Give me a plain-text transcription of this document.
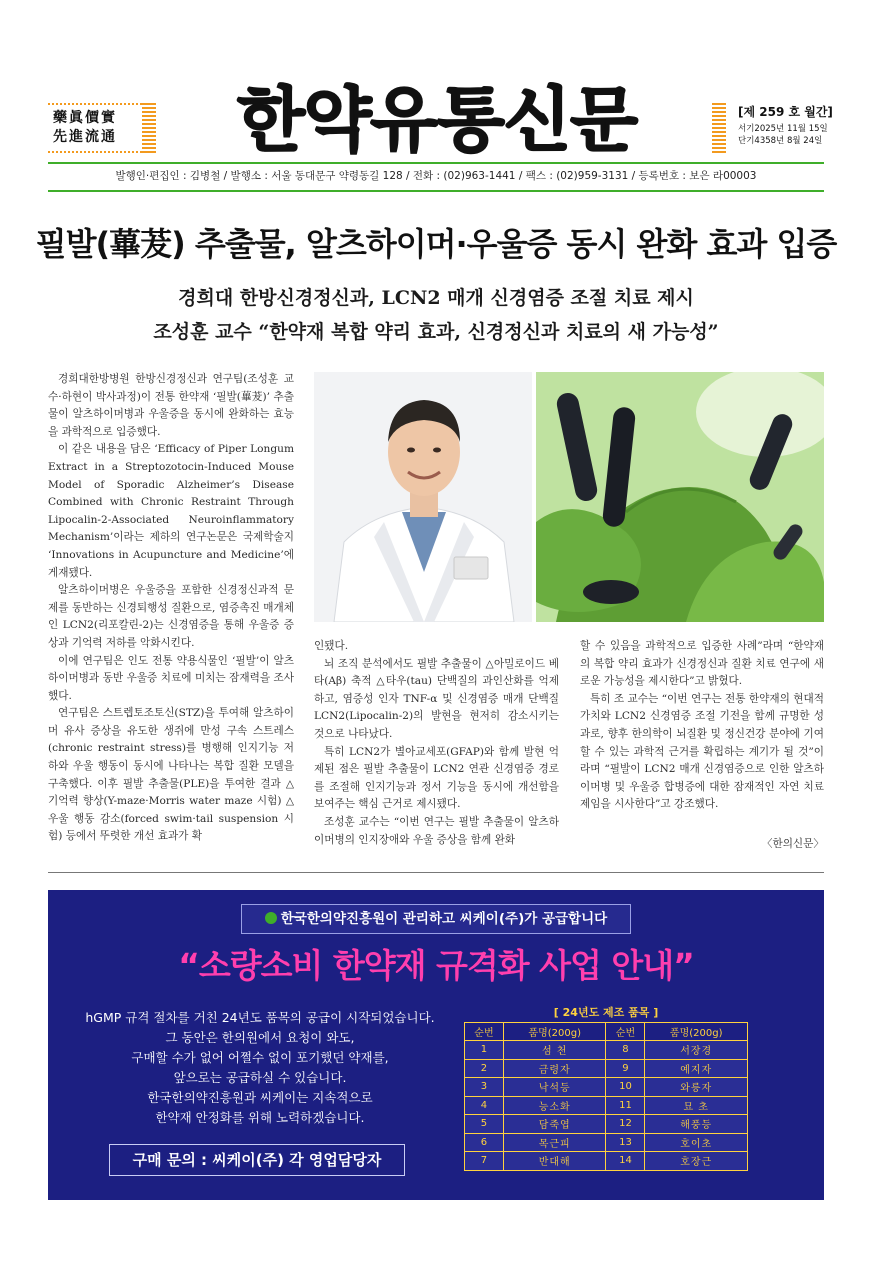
藥眞價實
先進流通 한약유통신문	[제 259 호 월간]
서기2025년 11월 15일
단기4358년 8월 24일
발행인·편집인 : 김병철 / 발행소 : 서울 동대문구 약령동길 128 / 전화 : (02)963-1441 / 팩스 : (02)959-3131 / 등록번호 : 보은 라00003
필발(蓽茇) 추출물, 알츠하이머·우울증 동시 완화 효과 입증
경희대 한방신경정신과, LCN2 매개 신경염증 조절 치료 제시
조성훈 교수 “한약재 복합 약리 효과, 신경정신과 치료의 새 가능성”

경희대한방병원 한방신경정신과 연구팀(조성훈 교수·하현이 박사과정)이 전통 한약재 ‘필발(蓽茇)’ 추출물이 알츠하이머병과 우울증을 동시에 완화하는 효능을 과학적으로 입증했다.

이 같은 내용을 담은 ‘Efficacy of Piper Longum Extract in a Streptozotocin-Induced Mouse Model of Sporadic Alzheimer’s Disease Combined with Chronic Restraint Through Lipocalin-2-Associated Neuroinflammatory Mechanism’이라는 제하의 연구논문은 국제학술지 ‘Innovations in Acupuncture and Medicine’에 게재됐다.

알츠하이머병은 우울증을 포함한 신경정신과적 문제를 동반하는 신경퇴행성 질환으로, 염증촉진 매개체인 LCN2(리포칼린-2)는 신경염증을 통해 우울증 증상과 기억력 저하를 악화시킨다.

이에 연구팀은 인도 전통 약용식물인 ‘필발’이 알츠하이머병과 동반 우울증 치료에 미치는 잠재력을 조사했다.

연구팀은 스트렙토조토신(STZ)을 투여해 알츠하이머 유사 증상을 유도한 생쥐에 만성 구속 스트레스(chronic restraint stress)를 병행해 인지기능 저하와 우울 행동이 동시에 나타나는 복합 질환 모델을 구축했다. 이후 필발 추출물(PLE)을 투여한 결과 △기억력 향상(Y-maze·Morris water maze 시험) △우울 행동 감소(forced swim·tail suspension 시험) 등에서 뚜렷한 개선 효과가 확

인됐다.

뇌 조직 분석에서도 필발 추출물이 △아밀로이드 베타(Aβ) 축적 △타우(tau) 단백질의 과인산화를 억제하고, 염증성 인자 TNF-α 및 신경염증 매개 단백질 LCN2(Lipocalin-2)의 발현을 현저히 감소시키는 것으로 나타났다.

특히 LCN2가 별아교세포(GFAP)와 함께 발현 억제된 점은 필발 추출물이 LCN2 연관 신경염증 경로를 조절해 인지기능과 정서 기능을 동시에 개선함을 보여주는 핵심 근거로 제시됐다.

조성훈 교수는 “이번 연구는 필발 추출물이 알츠하이머병의 인지장애와 우울 증상을 함께 완화

할 수 있음을 과학적으로 입증한 사례”라며 “한약재의 복합 약리 효과가 신경정신과 질환 치료 연구에 새로운 가능성을 제시한다”고 밝혔다.

특히 조 교수는 “이번 연구는 전통 한약재의 현대적 가치와 LCN2 신경염증 조절 기전을 함께 규명한 성과로, 향후 한의학이 뇌질환 및 정신건강 분야에 기여할 수 있는 과학적 근거를 확립하는 계기가 될 것”이라며 “필발이 LCN2 매개 신경염증으로 인한 알츠하이머병 및 우울증 합병증에 대한 잠재적인 자연 치료제임을 시사한다”고 강조했다.

〈한의신문〉
한국한의약진흥원이 관리하고 씨케이(주)가 공급합니다
“소량소비 한약재 규격화 사업 안내”
hGMP 규격 절차를 거친 24년도 품목의 공급이 시작되었습니다.
그 동안은 한의원에서 요청이 와도,
구매할 수가 없어 어쩔수 없이 포기했던 약재를,
앞으로는 공급하실 수 있습니다.
한국한의약진흥원과 씨케이는 지속적으로
한약재 안정화를 위해 노력하겠습니다.
구매 문의 : 씨케이(주) 각 영업담당자
[ 24년도 제조 품목 ]
순번	품명(200g)	순번	품명(200g)
1	섬 천	8	서장경
2	금령자	9	예지자
3	낙석등	10	와릉자
4	능소화	11	묘 초
5	담죽엽	12	해풍등
6	목근피	13	호이초
7	반대해	14	호장근
